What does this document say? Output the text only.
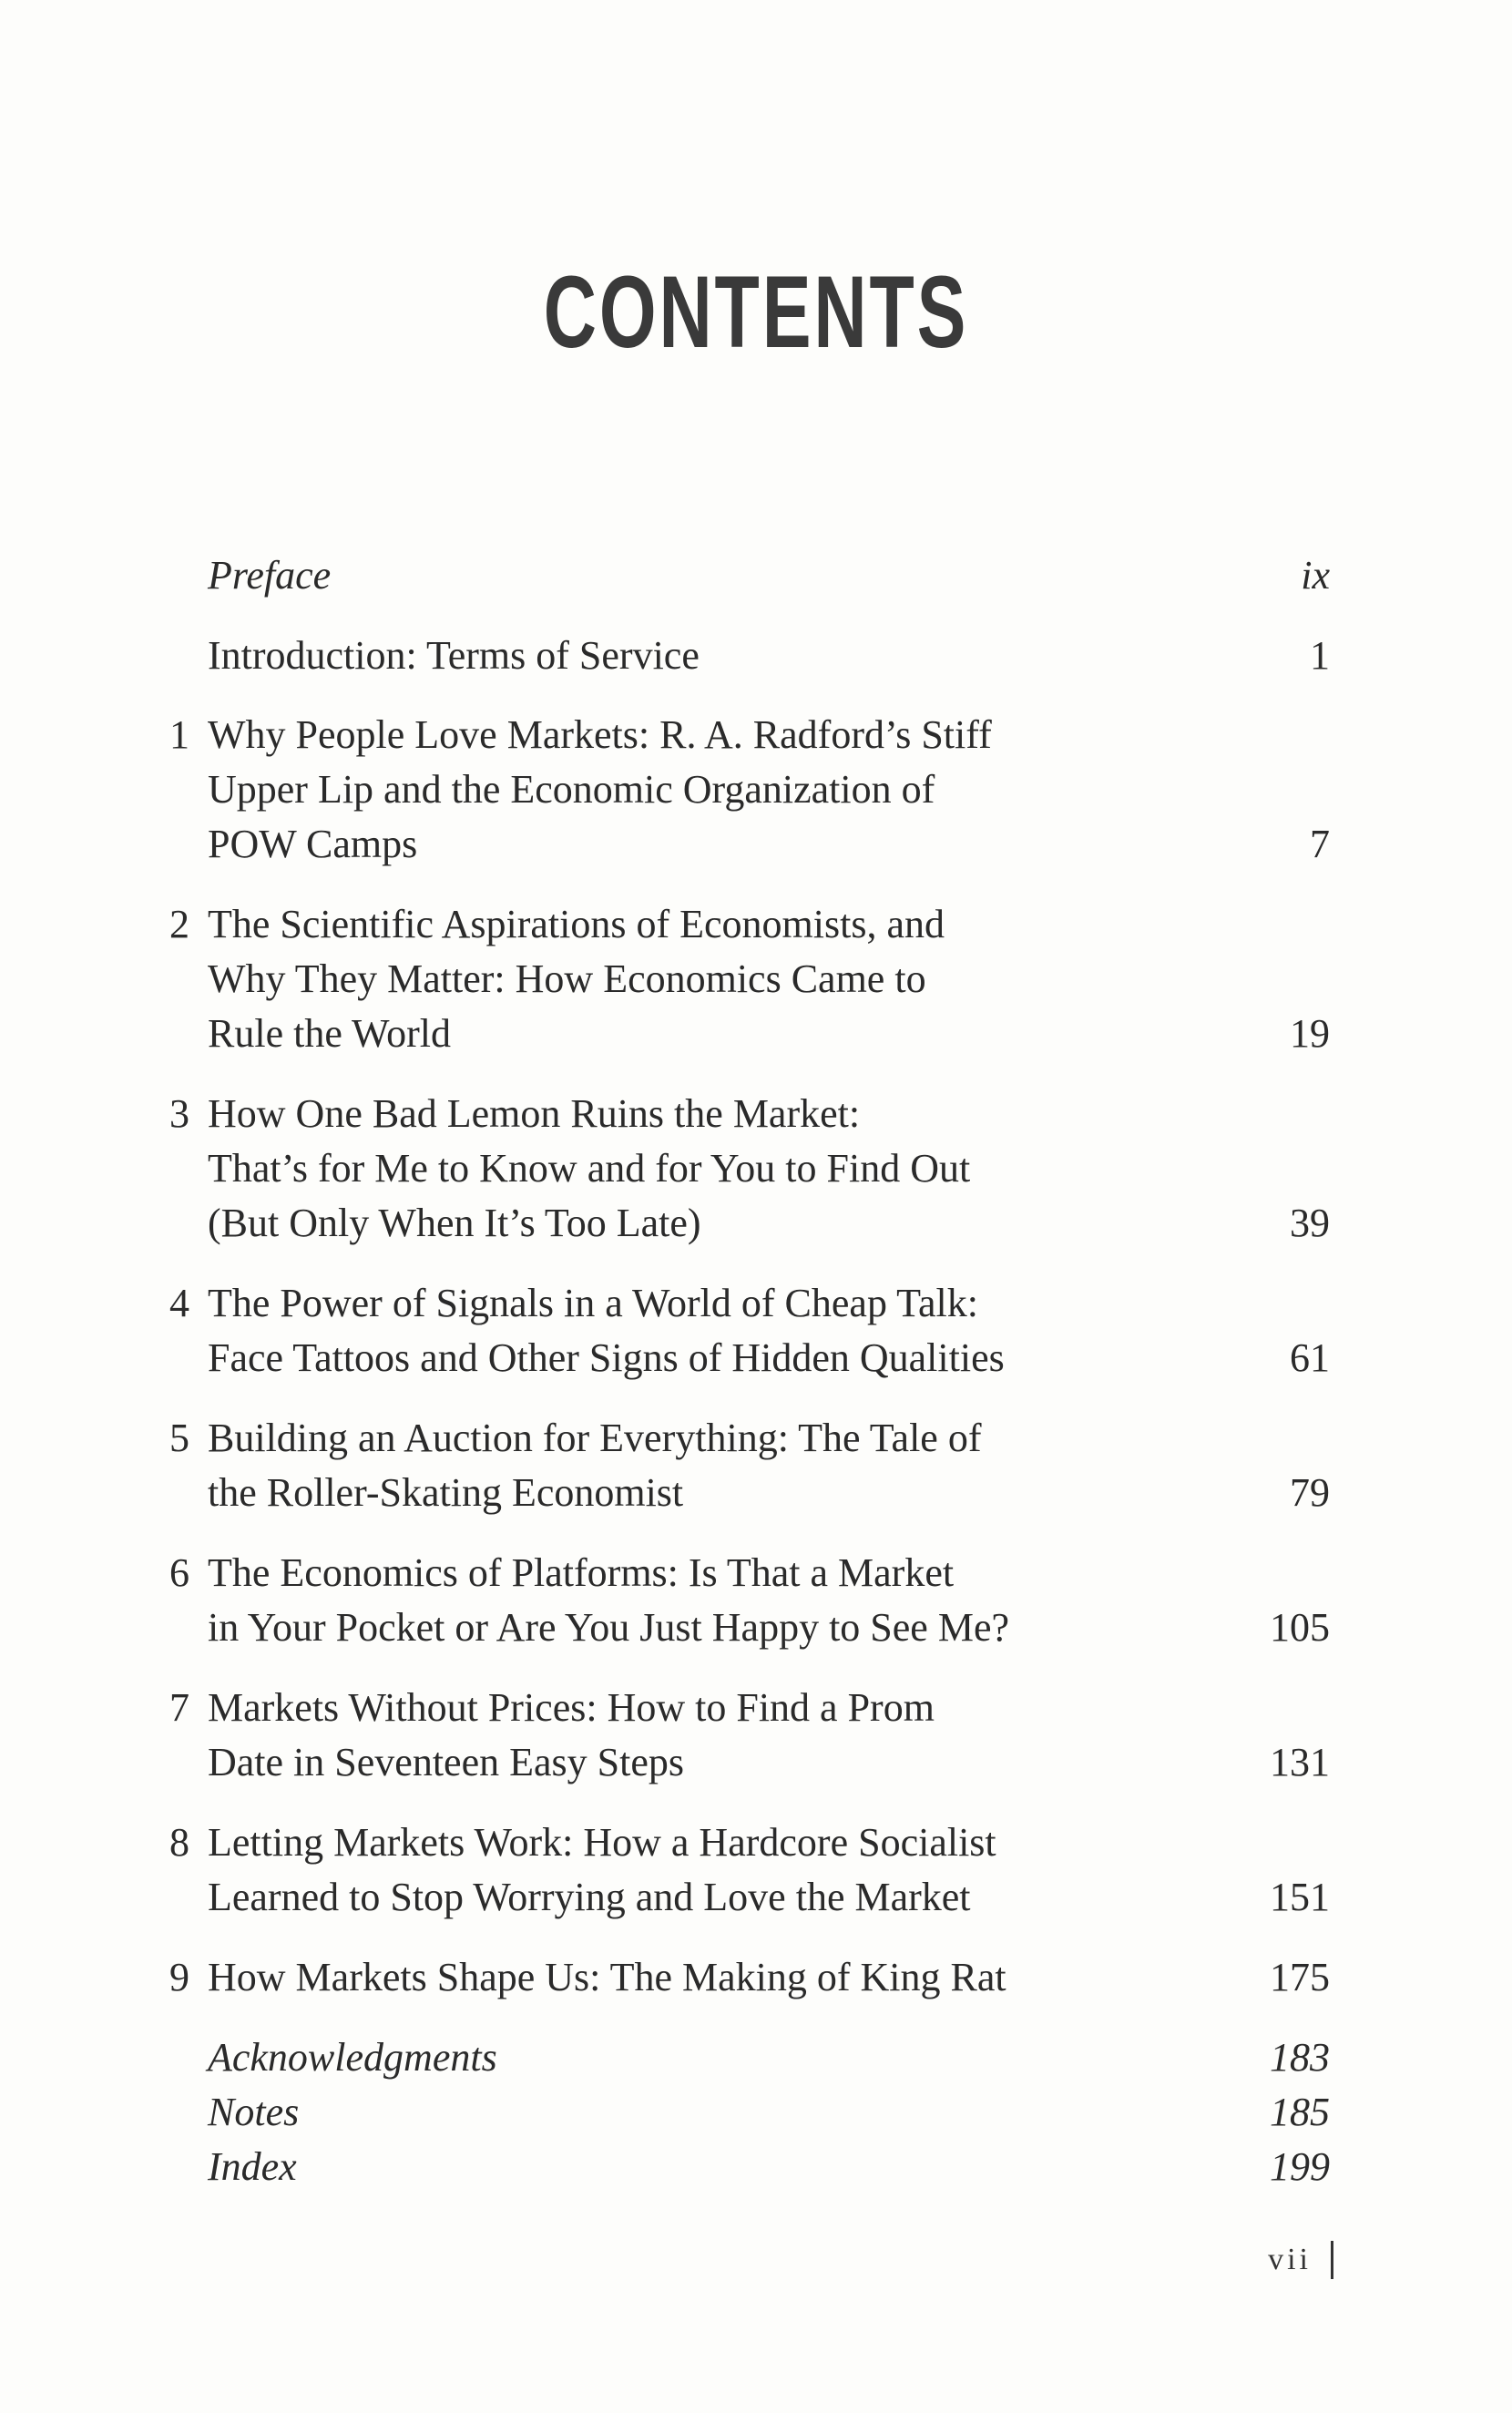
CONTENTS
Preface	ix
Introduction: Terms of Service	1
1 Why People Love Markets: R. A. Radford’s Stiff
Upper Lip and the Economic Organization of
POW Camps	7
2 The Scientific Aspirations of Economists, and
Why They Matter: How Economics Came to
Rule the World	19
3 How One Bad Lemon Ruins the Market:
That’s for Me to Know and for You to Find Out
(But Only When It’s Too Late)	39
4 The Power of Signals in a World of Cheap Talk:
Face Tattoos and Other Signs of Hidden Qualities	61
5 Building an Auction for Everything: The Tale of
the Roller-Skating Economist	79
6 The Economics of Platforms: Is That a Market
in Your Pocket or Are You Just Happy to See Me?	105
7 Markets Without Prices: How to Find a Prom
Date in Seventeen Easy Steps	131
8 Letting Markets Work: How a Hardcore Socialist
Learned to Stop Worrying and Love the Market	151
9 How Markets Shape Us: The Making of King Rat	175
Acknowledgments	183
Notes	185
Index	199
vii
